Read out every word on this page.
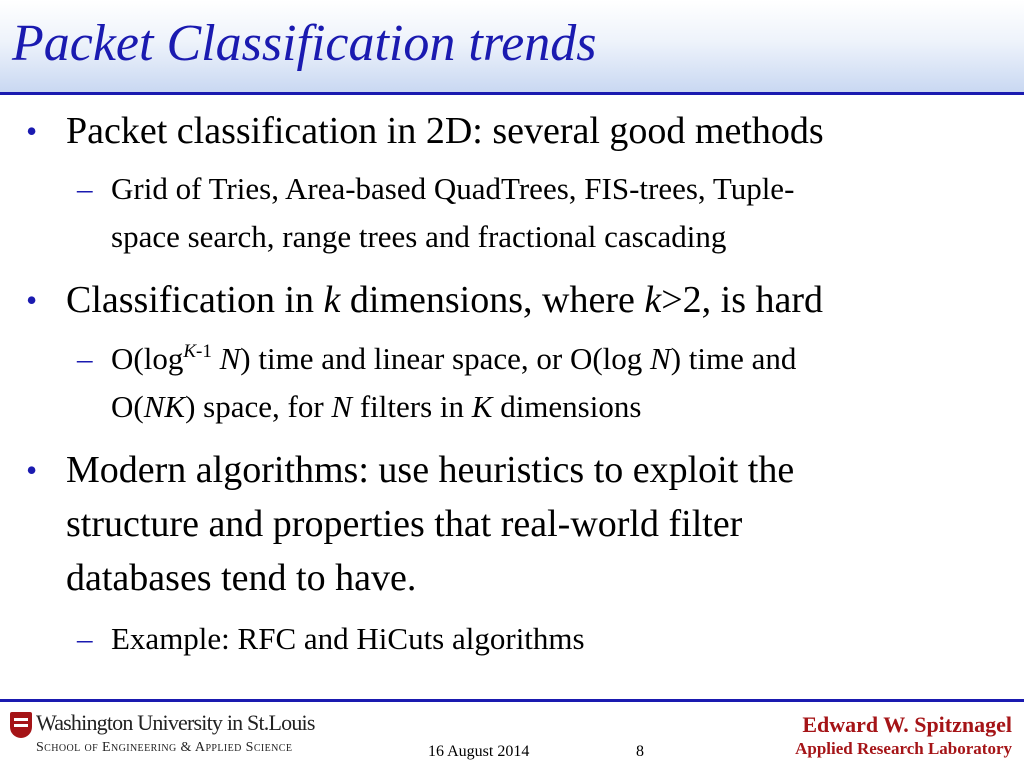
Packet Classification trends
• Packet classification in 2D: several good methods
– Grid of Tries, Area-based QuadTrees, FIS-trees, Tuple-
space search, range trees and fractional cascading
• Classification in k dimensions, where k>2, is hard
– $O(\log^{K-1}$ N) time and linear space, or O(log N) time and
O(NK) space, for N filters in K dimensions
• Modern algorithms: use heuristics to exploit the
structure and properties that real-world filter
databases tend to have.
– Example: RFC and HiCuts algorithms
Washington University in St.Louis
School of Engineering & Applied Science	16 August 2014	8
Edward W. Spitznagel
Applied Research Laboratory
